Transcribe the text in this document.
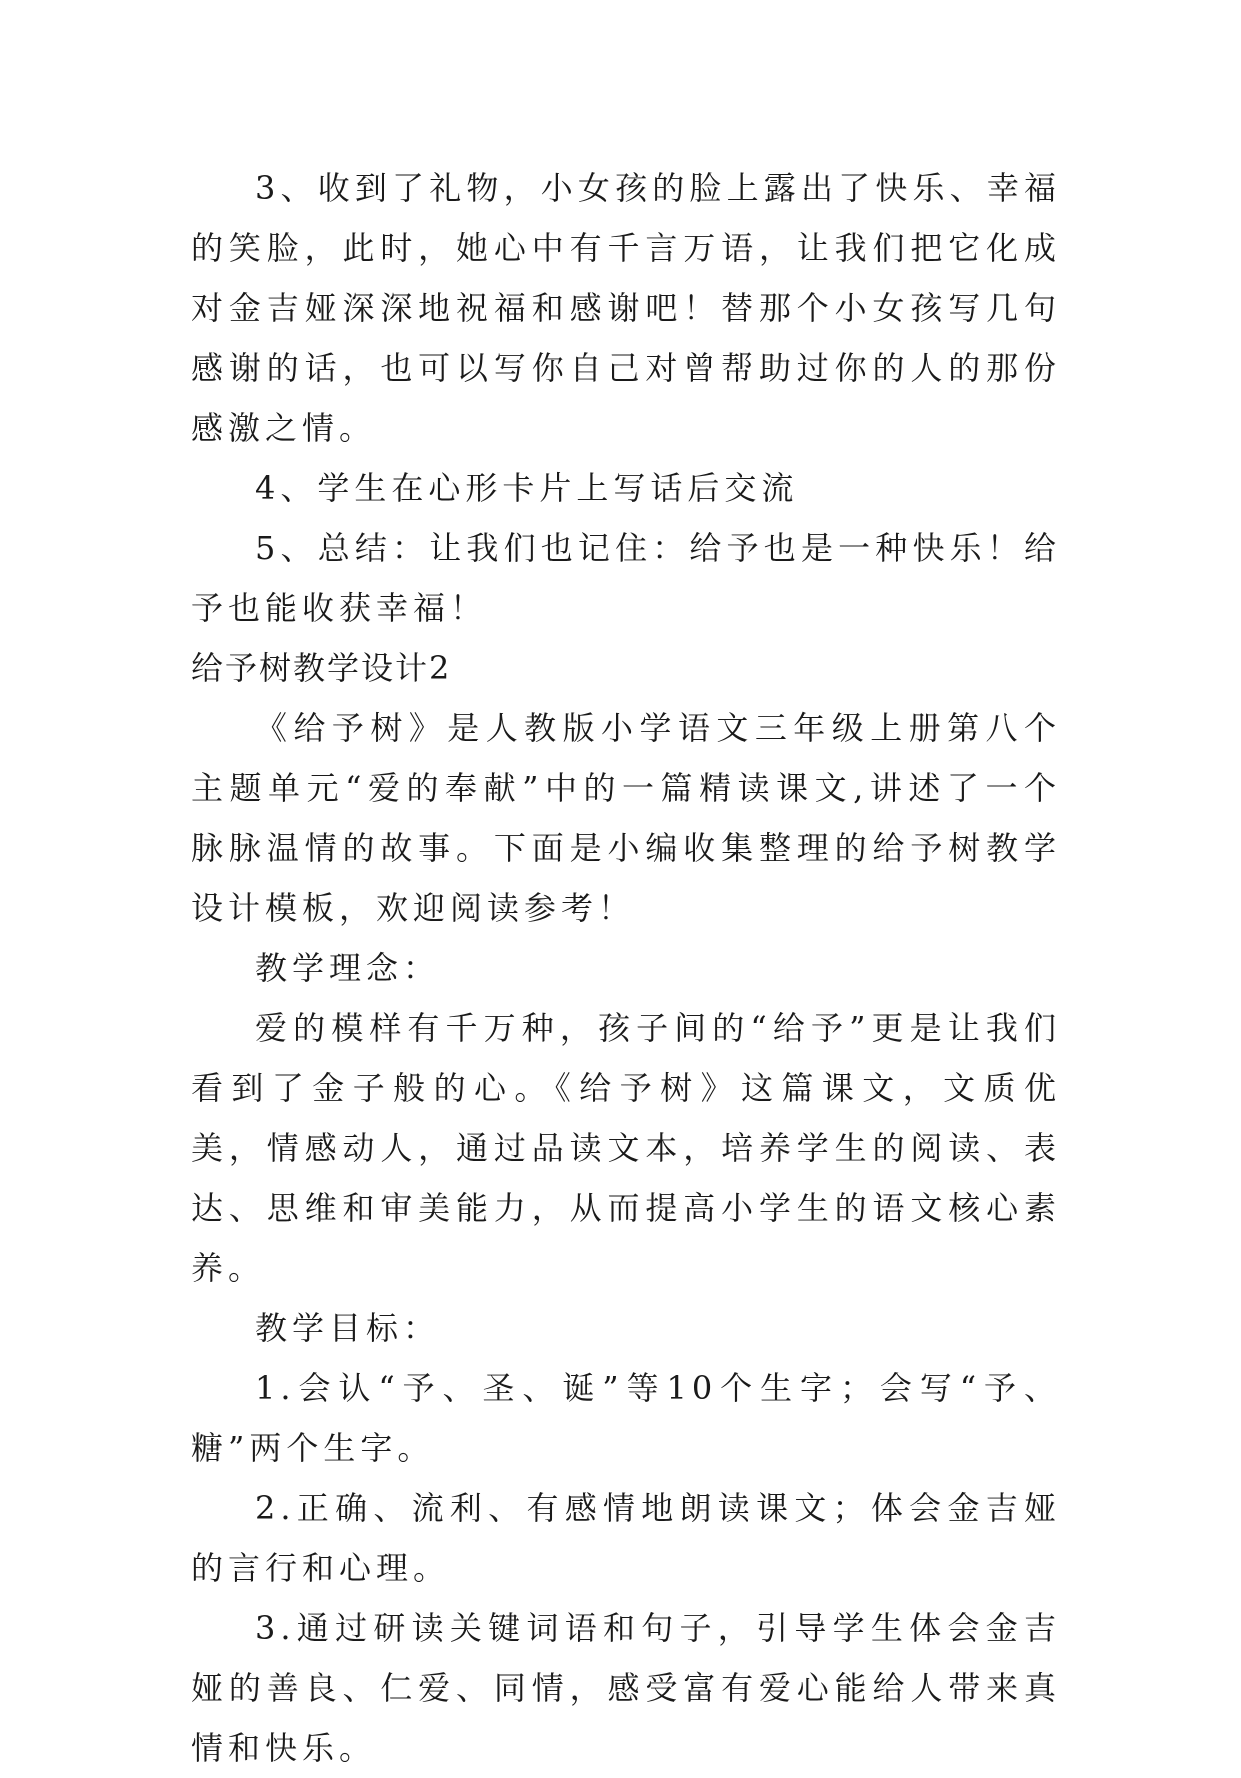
3、收到了礼物，小女孩的脸上露出了快乐、幸福的笑脸，此时，她心中有千言万语，让我们把它化成对金吉娅深深地祝福和感谢吧！替那个小女孩写几句感谢的话，也可以写你自己对曾帮助过你的人的那份感激之情。

4、学生在心形卡片上写话后交流

5、总结：让我们也记住：给予也是一种快乐！给予也能收获幸福！

给予树教学设计2

《给予树》是人教版小学语文三年级上册第八个主题单元“爱的奉献”中的一篇精读课文,讲述了一个脉脉温情的故事。下面是小编收集整理的给予树教学设计模板，欢迎阅读参考！

教学理念：

爱的模样有千万种，孩子间的“给予”更是让我们看到了金子般的心。《给予树》这篇课文，文质优美，情感动人，通过品读文本，培养学生的阅读、表达、思维和审美能力，从而提高小学生的语文核心素养。

教学目标：

1.会认“予、圣、诞”等10个生字；会写“予、糖”两个生字。

2.正确、流利、有感情地朗读课文；体会金吉娅的言行和心理。

3.通过研读关键词语和句子，引导学生体会金吉娅的善良、仁爱、同情，感受富有爱心能给人带来真情和快乐。
